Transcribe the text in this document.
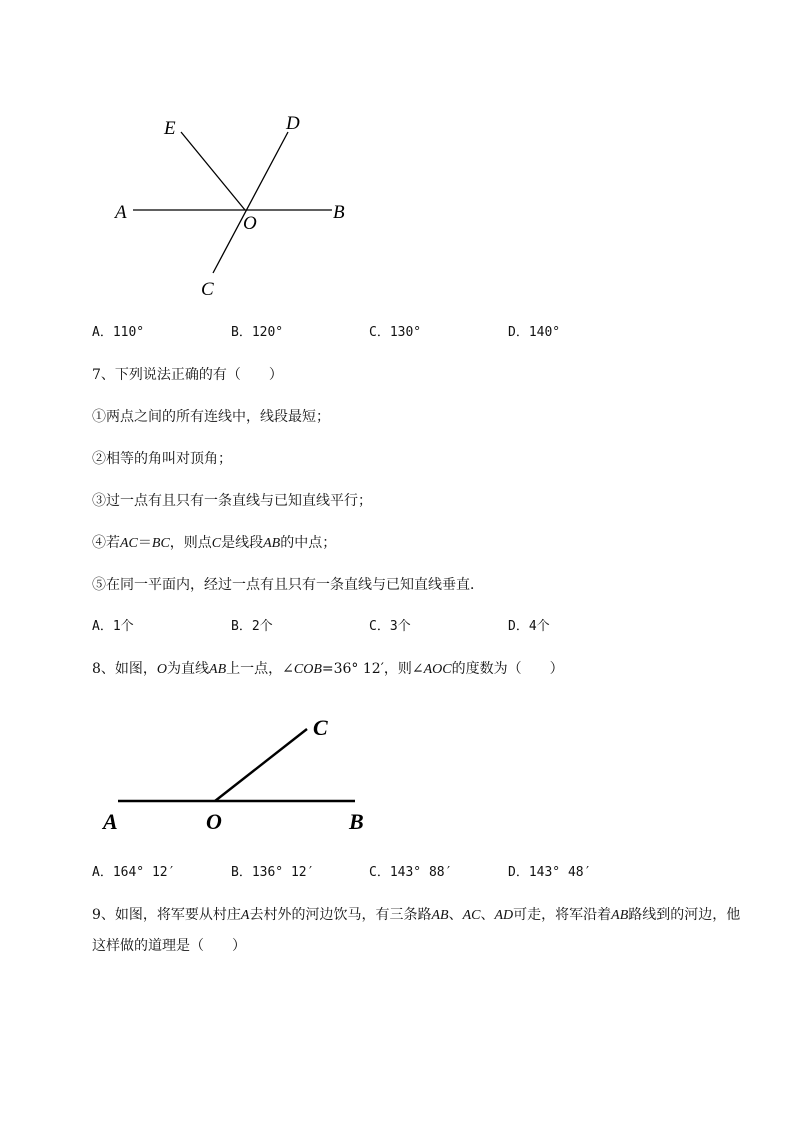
E	D
A
O
B
C
A．110°	B．120°	C．130°	D．140°
7、下列说法正确的有（　　）
①两点之间的所有连线中，线段最短；
②相等的角叫对顶角；
③过一点有且只有一条直线与已知直线平行；
④若AC＝BC，则点C是线段AB的中点；
⑤在同一平面内，经过一点有且只有一条直线与已知直线垂直．
A．1个	B．2个	C．3个	D．4个
8、如图，O为直线AB上一点，∠COB=36° 12′，则∠AOC的度数为（　　）
C
A	O	B
A．164° 12′	B．136° 12′	C．143° 88′	D．143° 48′
9、如图，将军要从村庄A去村外的河边饮马，有三条路AB、AC、AD可走，将军沿着AB路线到的河边，他这样做的道理是（　　）
